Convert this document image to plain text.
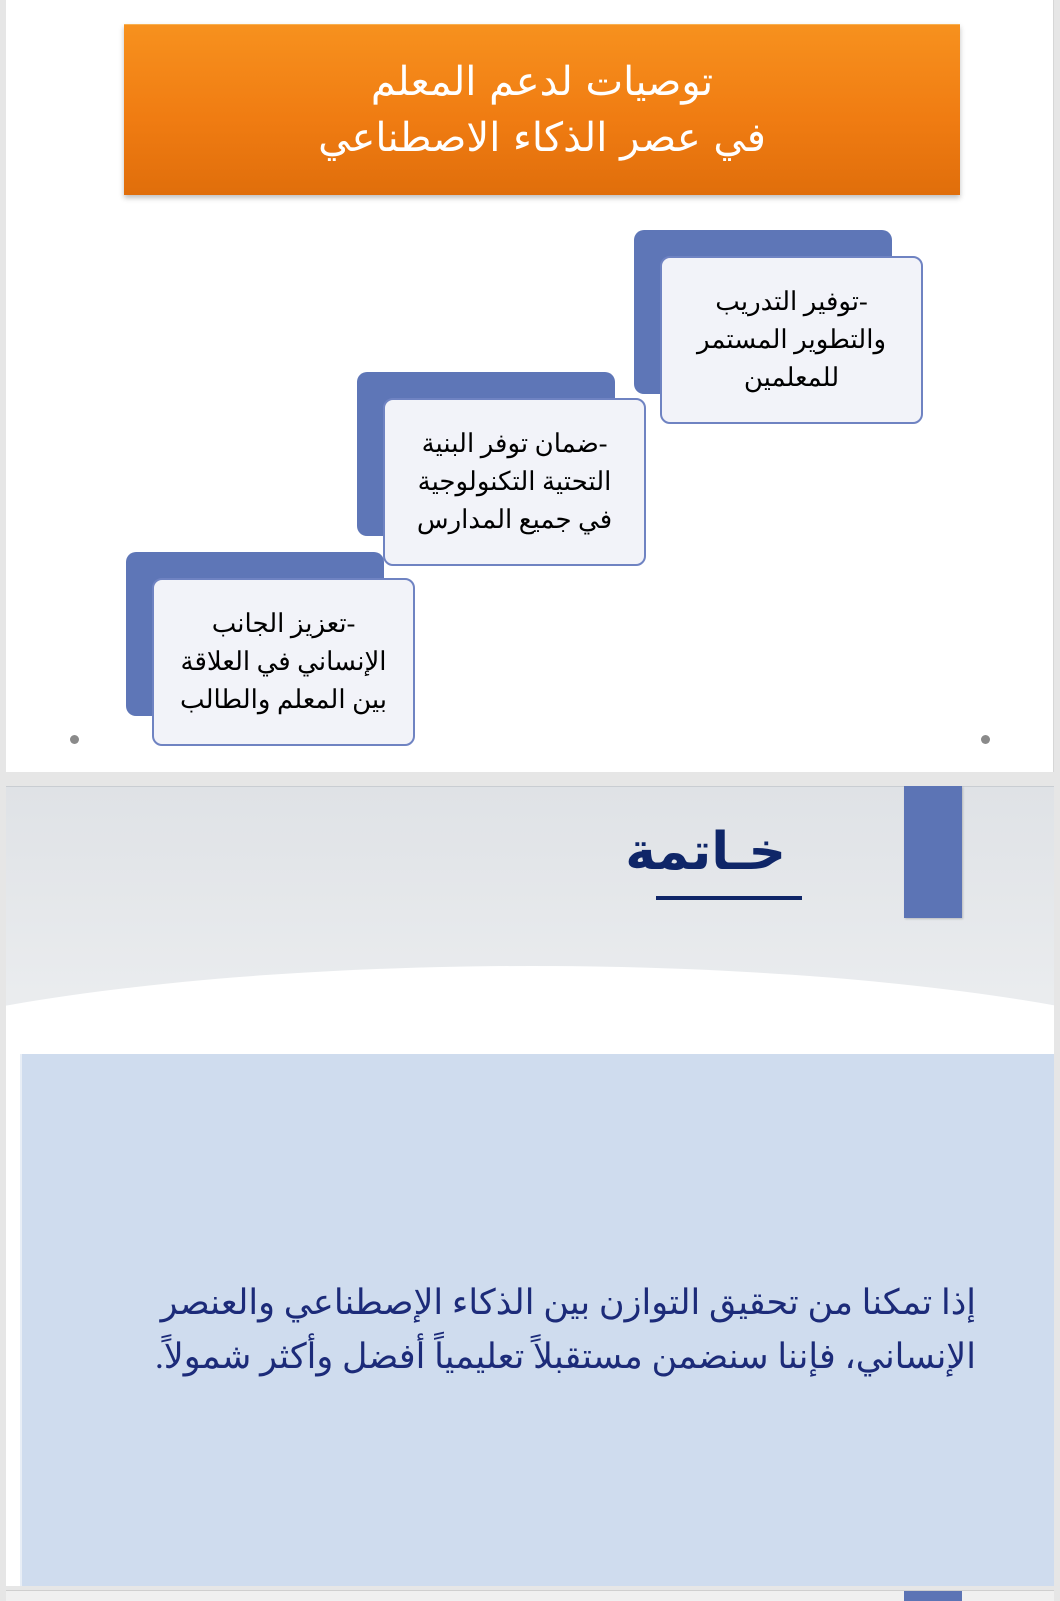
توصيات لدعم المعلم
في عصر الذكاء الاصطناعي
-توفير التدريب
والتطوير المستمر
للمعلمين
-ضمان توفر البنية
التحتية التكنولوجية
في جميع المدارس
-تعزيز الجانب
الإنساني في العلاقة
بين المعلم والطالب
خـاتمة
إذا تمكنا من تحقيق التوازن بين الذكاء الإصطناعي والعنصر
الإنساني، فإننا سنضمن مستقبلاً تعليمياً أفضل وأكثر شمولاً.
